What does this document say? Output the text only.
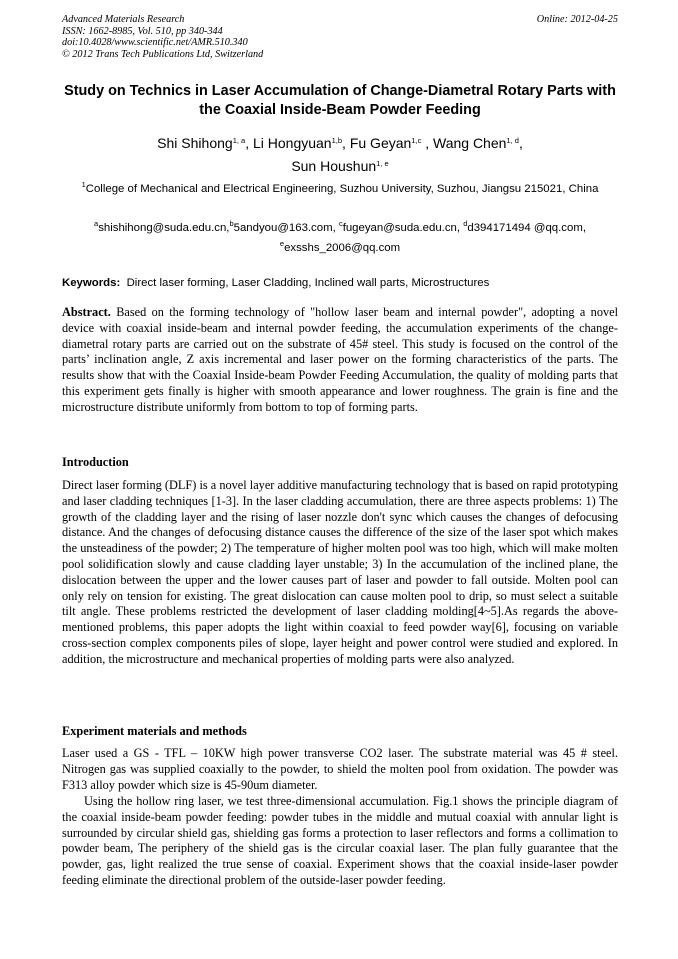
Advanced Materials Research
ISSN: 1662-8985, Vol. 510, pp 340-344
doi:10.4028/www.scientific.net/AMR.510.340
© 2012 Trans Tech Publications Ltd, Switzerland
Online: 2012-04-25
Study on Technics in Laser Accumulation of Change-Diametral Rotary Parts with the Coaxial Inside-Beam Powder Feeding
Shi Shihong$^{1, a}$, Li Hongyuan$^{1,b}$, Fu Geyan$^{1,c}$ , Wang Chen$^{1, d}$,
Sun Houshun$^{1, e}$
$^1$College of Mechanical and Electrical Engineering, Suzhou University, Suzhou, Jiangsu 215021, China
$^a$shishihong@suda.edu.cn,$^b$5andyou@163.com, $^c$fugeyan@suda.edu.cn, $^d$d394171494 @qq.com,
$^e$exsshs_2006@qq.com
Keywords: Direct laser forming, Laser Cladding, Inclined wall parts, Microstructures

Abstract. Based on the forming technology of "hollow laser beam and internal powder", adopting a novel device with coaxial inside-beam and internal powder feeding, the accumulation experiments of the change-diametral rotary parts are carried out on the substrate of 45# steel. This study is focused on the control of the parts’ inclination angle, Z axis incremental and laser power on the forming characteristics of the parts. The results show that with the Coaxial Inside-beam Powder Feeding Accumulation, the quality of molding parts that this experiment gets finally is higher with smooth appearance and lower roughness. The grain is fine and the microstructure distribute uniformly from bottom to top of forming parts.

Introduction

Direct laser forming (DLF) is a novel layer additive manufacturing technology that is based on rapid prototyping and laser cladding techniques [1-3]. In the laser cladding accumulation, there are three aspects problems: 1) The growth of the cladding layer and the rising of laser nozzle don't sync which causes the changes of defocusing distance. And the changes of defocusing distance causes the difference of the size of the laser spot which makes the unsteadiness of the powder; 2) The temperature of higher molten pool was too high, which will make molten pool solidification slowly and cause cladding layer unstable; 3) In the accumulation of the inclined plane, the dislocation between the upper and the lower causes part of laser and powder to fall outside. Molten pool can only rely on tension for existing. The great dislocation can cause molten pool to drip, so must select a suitable tilt angle. These problems restricted the development of laser cladding molding[4~5].As regards the above-mentioned problems, this paper adopts the light within coaxial to feed powder way[6], focusing on variable cross-section complex components piles of slope, layer height and power control were studied and explored. In addition, the microstructure and mechanical properties of molding parts were also analyzed.

Experiment materials and methods

Laser used a GS - TFL – 10KW high power transverse CO2 laser. The substrate material was 45 # steel. Nitrogen gas was supplied coaxially to the powder, to shield the molten pool from oxidation. The powder was F313 alloy powder which size is 45-90um diameter.

Using the hollow ring laser, we test three-dimensional accumulation. Fig.1 shows the principle diagram of the coaxial inside-beam powder feeding: powder tubes in the middle and mutual coaxial with annular light is surrounded by circular shield gas, shielding gas forms a protection to laser reflectors and forms a collimation to powder beam, The periphery of the shield gas is the circular coaxial laser. The plan fully guarantee that the powder, gas, light realized the true sense of coaxial. Experiment shows that the coaxial inside-laser powder feeding eliminate the directional problem of the outside-laser powder feeding.
